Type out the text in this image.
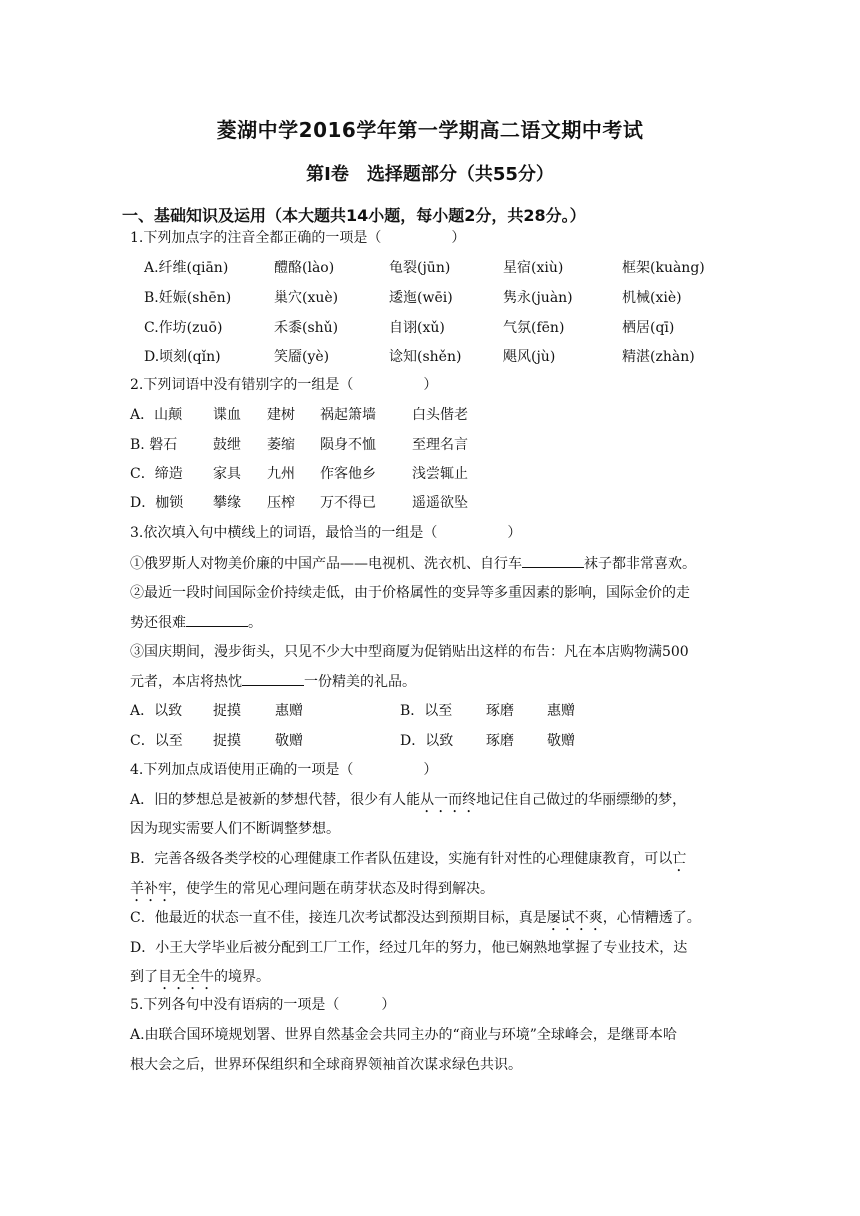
菱湖中学2016学年第一学期高二语文期中考试
第Ⅰ卷　选择题部分（共55分）
一、基础知识及运用（本大题共14小题，每小题2分，共28分。）
1.下列加点字的注音全都正确的一项是（　　　　　）
A.纤维(qiān)	醴酪(lào)	龟裂(jūn)	星宿(xiù)	框架(kuàng)
B.妊娠(shēn)	巢穴(xuè)	逶迤(wēi)	隽永(juàn)	机械(xiè)
C.作坊(zuō)	禾黍(shǔ)	自诩(xǔ)	气氛(fēn)	栖居(qī)
D.顷刻(qǐn)	笑靥(yè)	谂知(shěn)	飓风(jù)	精湛(zhàn)
2.下列词语中没有错别字的一组是（　　　　　）
A．山颠 谍血 建树 祸起箫墙	白头偕老
B. 磐石	鼓绁 萎缩 陨身不恤	至理名言
C．缔造 家具 九州 作客他乡	浅尝辄止
D．枷锁 攀缘 压榨 万不得已	遥遥欲坠
3.依次填入句中横线上的词语，最恰当的一组是（　　　　　）
①俄罗斯人对物美价廉的中国产品——电视机、洗衣机、自行车	袜子都非常喜欢。
②最近一段时间国际金价持续走低，由于价格属性的变异等多重因素的影响，国际金价的走
势还很难	。
③国庆期间，漫步街头，只见不少大中型商厦为促销贴出这样的布告：凡在本店购物满500
元者，本店将热忱	一份精美的礼品。
A．以致 捉摸 惠赠	B．以至 琢磨 惠赠
C．以至 捉摸 敬赠	D．以致 琢磨 敬赠
4.下列加点成语使用正确的一项是（　　　　　）
A．旧的梦想总是被新的梦想代替，很少有人能从一而终地记住自己做过的华丽缥缈的梦，
因为现实需要人们不断调整梦想。
B．完善各级各类学校的心理健康工作者队伍建设，实施有针对性的心理健康教育，可以亡
羊补牢，使学生的常见心理问题在萌芽状态及时得到解决。
C．他最近的状态一直不佳，接连几次考试都没达到预期目标，真是屡试不爽，心情糟透了。
D．小王大学毕业后被分配到工厂工作，经过几年的努力，他已娴熟地掌握了专业技术，达
到了目无全牛的境界。
5.下列各句中没有语病的一项是（　　　）
A.由联合国环境规划署、世界自然基金会共同主办的“商业与环境”全球峰会，是继哥本哈
根大会之后，世界环保组织和全球商界领袖首次谋求绿色共识。
